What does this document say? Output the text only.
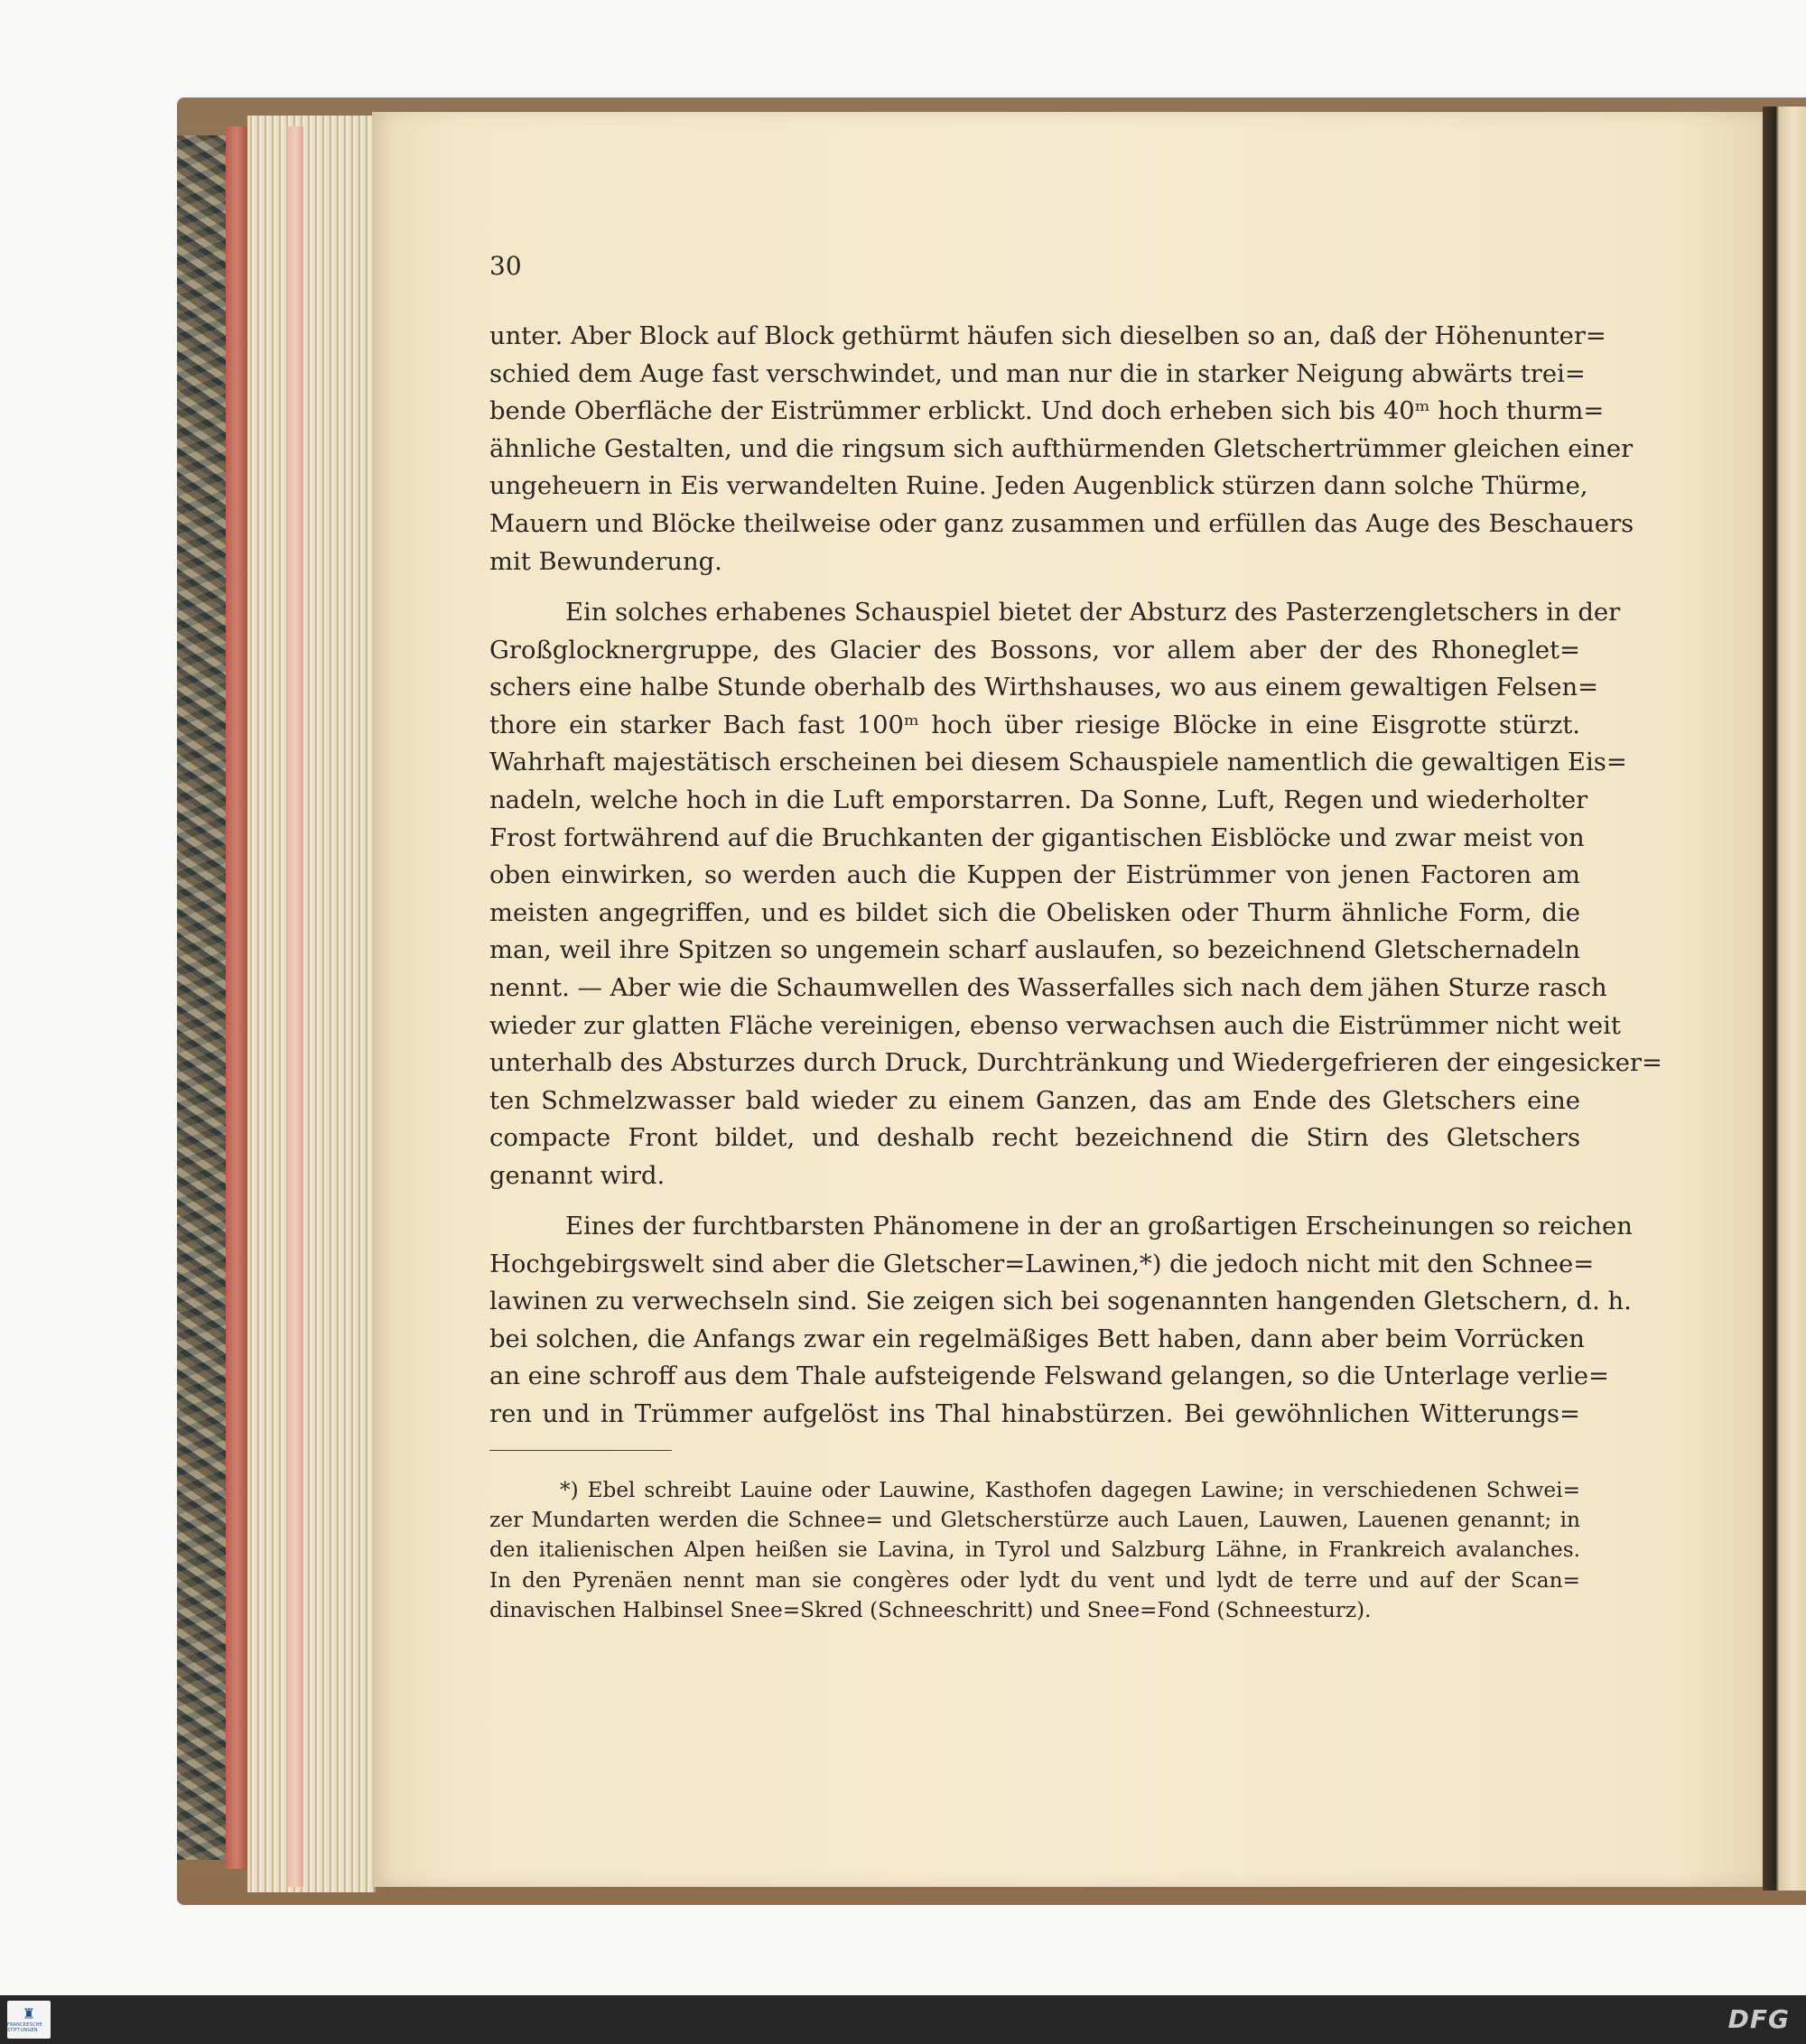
30

unter. Aber Block auf Block gethürmt häufen sich dieselben so an, daß der Höhenunter=

schied dem Auge fast verschwindet, und man nur die in starker Neigung abwärts trei=

bende Oberfläche der Eistrümmer erblickt. Und doch erheben sich bis 40ᵐ hoch thurm=

ähnliche Gestalten, und die ringsum sich aufthürmenden Gletschertrümmer gleichen einer

ungeheuern in Eis verwandelten Ruine. Jeden Augenblick stürzen dann solche Thürme,

Mauern und Blöcke theilweise oder ganz zusammen und erfüllen das Auge des Beschauers

mit Bewunderung.

Ein solches erhabenes Schauspiel bietet der Absturz des Pasterzengletschers in der

Großglocknergruppe, des Glacier des Bossons, vor allem aber der des Rhoneglet=

schers eine halbe Stunde oberhalb des Wirthshauses, wo aus einem gewaltigen Felsen=

thore ein starker Bach fast 100ᵐ hoch über riesige Blöcke in eine Eisgrotte stürzt.

Wahrhaft majestätisch erscheinen bei diesem Schauspiele namentlich die gewaltigen Eis=

nadeln, welche hoch in die Luft emporstarren. Da Sonne, Luft, Regen und wiederholter

Frost fortwährend auf die Bruchkanten der gigantischen Eisblöcke und zwar meist von

oben einwirken, so werden auch die Kuppen der Eistrümmer von jenen Factoren am

meisten angegriffen, und es bildet sich die Obelisken oder Thurm ähnliche Form, die

man, weil ihre Spitzen so ungemein scharf auslaufen, so bezeichnend Gletschernadeln

nennt. — Aber wie die Schaumwellen des Wasserfalles sich nach dem jähen Sturze rasch

wieder zur glatten Fläche vereinigen, ebenso verwachsen auch die Eistrümmer nicht weit

unterhalb des Absturzes durch Druck, Durchtränkung und Wiedergefrieren der eingesicker=

ten Schmelzwasser bald wieder zu einem Ganzen, das am Ende des Gletschers eine

compacte Front bildet, und deshalb recht bezeichnend die Stirn des Gletschers

genannt wird.

Eines der furchtbarsten Phänomene in der an großartigen Erscheinungen so reichen

Hochgebirgswelt sind aber die Gletscher=Lawinen,*) die jedoch nicht mit den Schnee=

lawinen zu verwechseln sind. Sie zeigen sich bei sogenannten hangenden Gletschern, d. h.

bei solchen, die Anfangs zwar ein regelmäßiges Bett haben, dann aber beim Vorrücken

an eine schroff aus dem Thale aufsteigende Felswand gelangen, so die Unterlage verlie=

ren und in Trümmer aufgelöst ins Thal hinabstürzen. Bei gewöhnlichen Witterungs=

*) Ebel schreibt Lauine oder Lauwine, Kasthofen dagegen Lawine; in verschiedenen Schwei=

zer Mundarten werden die Schnee= und Gletscherstürze auch Lauen, Lauwen, Lauenen genannt; in

den italienischen Alpen heißen sie Lavina, in Tyrol und Salzburg Lähne, in Frankreich avalanches.

In den Pyrenäen nennt man sie congères oder lydt du vent und lydt de terre und auf der Scan=

dinavischen Halbinsel Snee=Skred (Schneeschritt) und Snee=Fond (Schneesturz).

♜
FRANCKESCHE STIFTUNGEN	DFG
